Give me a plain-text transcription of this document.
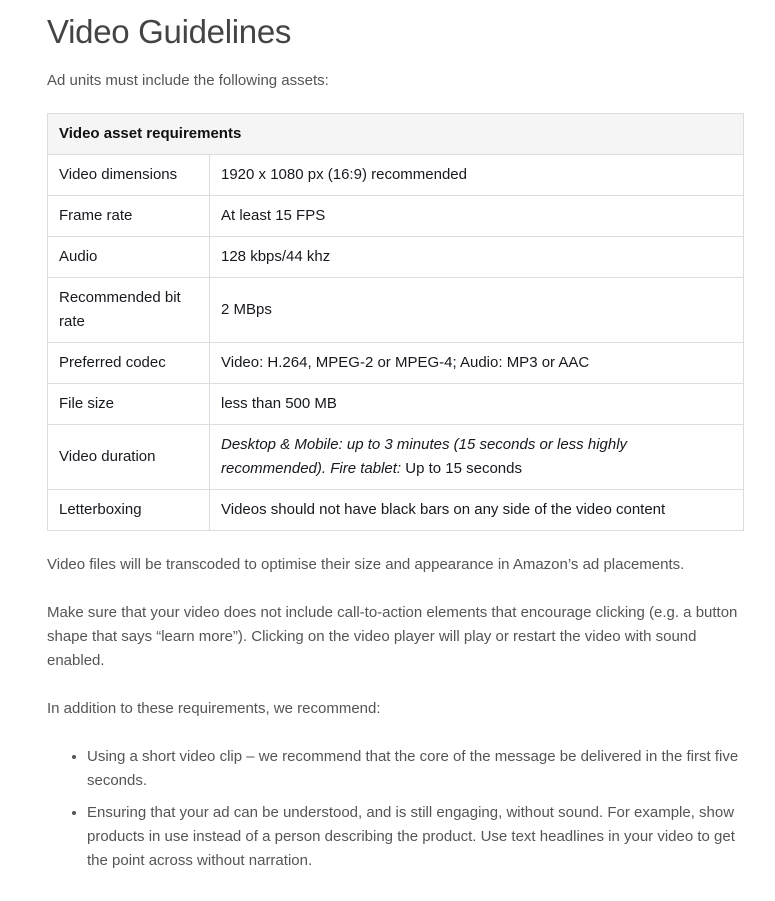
Video Guidelines

Ad units must include the following assets:

Video asset requirements	
Video dimensions	1920 x 1080 px (16:9) recommended
Frame rate	At least 15 FPS
Audio	128 kbps/44 khz
Recommended bit rate	2 MBps
Preferred codec	Video: H.264, MPEG-2 or MPEG-4; Audio: MP3 or AAC
File size	less than 500 MB
Video duration	Desktop & Mobile: up to 3 minutes (15 seconds or less highly recommended). Fire tablet: Up to 15 seconds
Letterboxing	Videos should not have black bars on any side of the video content

Video files will be transcoded to optimise their size and appearance in Amazon’s ad placements.

Make sure that your video does not include call-to-action elements that encourage clicking (e.g. a button shape that says “learn more”). Clicking on the video player will play or restart the video with sound enabled.

In addition to these requirements, we recommend:

• Using a short video clip – we recommend that the core of the message be delivered in the first five seconds.
• Ensuring that your ad can be understood, and is still engaging, without sound. For example, show products in use instead of a person describing the product. Use text headlines in your video to get the point across without narration.
